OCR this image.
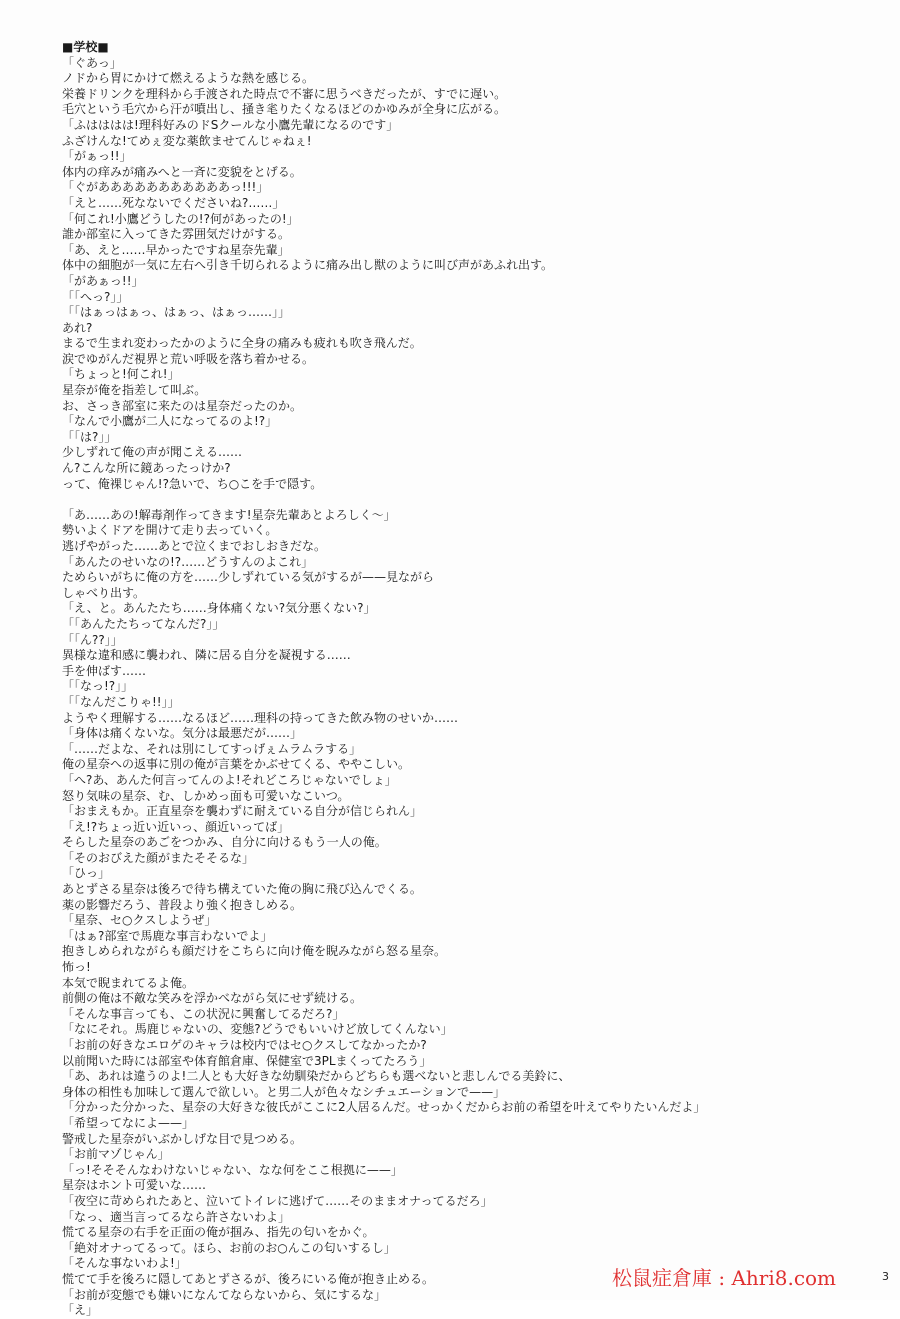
■学校■
「ぐあっ」
ノドから胃にかけて燃えるような熱を感じる。
栄養ドリンクを理科から手渡された時点で不審に思うべきだったが、すでに遅い。
毛穴という毛穴から汗が噴出し、掻き毟りたくなるほどのかゆみが全身に広がる。
「ふはははは!理科好みのドSクールな小鷹先輩になるのです」
ふざけんな!てめぇ変な薬飲ませてんじゃねぇ!
「がぁっ!!」
体内の痒みが痛みへと一斉に変貌をとげる。
「ぐがあああああああああああっ!!!」
「えと……死なないでくださいね?……」
「何これ!小鷹どうしたの!?何があったの!」
誰か部室に入ってきた雰囲気だけがする。
「あ、えと……早かったですね星奈先輩」
体中の細胞が一気に左右へ引き千切られるように痛み出し獣のように叫び声があふれ出す。
「があぁっ!!」
「「へっ?」」
「「はぁっはぁっ、はぁっ、はぁっ……」」
あれ?
まるで生まれ変わったかのように全身の痛みも疲れも吹き飛んだ。
涙でゆがんだ視界と荒い呼吸を落ち着かせる。
「ちょっと!何これ!」
星奈が俺を指差して叫ぶ。
お、さっき部室に来たのは星奈だったのか。
「なんで小鷹が二人になってるのよ!?」
「「は?」」
少しずれて俺の声が聞こえる……
ん?こんな所に鏡あったっけか?
って、俺裸じゃん!?急いで、ち○こを手で隠す。
「あ……あの!解毒剤作ってきます!星奈先輩あとよろしく～」
勢いよくドアを開けて走り去っていく。
逃げやがった……あとで泣くまでおしおきだな。
「あんたのせいなの!?……どうすんのよこれ」
ためらいがちに俺の方を……少しずれている気がするが——見ながら
しゃべり出す。
「え、と。あんたたち……身体痛くない?気分悪くない?」
「「あんたたちってなんだ?」」
「「ん??」」
異様な違和感に襲われ、隣に居る自分を凝視する……
手を伸ばす……
「「なっ!?」」
「「なんだこりゃ!!」」
ようやく理解する……なるほど……理科の持ってきた飲み物のせいか……
「身体は痛くないな。気分は最悪だが……」
「……だよな、それは別にしてすっげぇムラムラする」
俺の星奈への返事に別の俺が言葉をかぶせてくる、ややこしい。
「へ?あ、あんた何言ってんのよ!それどころじゃないでしょ」
怒り気味の星奈、む、しかめっ面も可愛いなこいつ。
「おまえもか。正直星奈を襲わずに耐えている自分が信じられん」
「え!?ちょっ近い近いっ、顔近いってば」
そらした星奈のあごをつかみ、自分に向けるもう一人の俺。
「そのおびえた顔がまたそそるな」
「ひっ」
あとずさる星奈は後ろで待ち構えていた俺の胸に飛び込んでくる。
薬の影響だろう、普段より強く抱きしめる。
「星奈、セ○クスしようぜ」
「はぁ?部室で馬鹿な事言わないでよ」
抱きしめられながらも顔だけをこちらに向け俺を睨みながら怒る星奈。
怖っ!
本気で睨まれてるよ俺。
前側の俺は不敵な笑みを浮かべながら気にせず続ける。
「そんな事言っても、この状況に興奮してるだろ?」
「なにそれ。馬鹿じゃないの、変態?どうでもいいけど放してくんない」
「お前の好きなエロゲのキャラは校内ではセ○クスしてなかったか?
以前聞いた時には部室や体育館倉庫、保健室で3PLまくってたろう」
「あ、あれは違うのよ!二人とも大好きな幼馴染だからどちらも選べないと悲しんでる美鈴に、
身体の相性も加味して選んで欲しい。と男二人が色々なシチュエーションで——」
「分かった分かった、星奈の大好きな彼氏がここに2人居るんだ。せっかくだからお前の希望を叶えてやりたいんだよ」
「希望ってなによ——」
警戒した星奈がいぶかしげな目で見つめる。
「お前マゾじゃん」
「っ!そそそんなわけないじゃない、なな何をここ根拠に——」
星奈はホント可愛いな……
「夜空に苛められたあと、泣いてトイレに逃げて……そのままオナってるだろ」
「なっ、適当言ってるなら許さないわよ」
慌てる星奈の右手を正面の俺が掴み、指先の匂いをかぐ。
「絶対オナってるって。ほら、お前のお○んこの匂いするし」
「そんな事ないわよ!」
慌てて手を後ろに隠してあとずさるが、後ろにいる俺が抱き止める。
「お前が変態でも嫌いになんてならないから、気にするな」
「え」
松鼠症倉庫 : Ahri8.com	3
